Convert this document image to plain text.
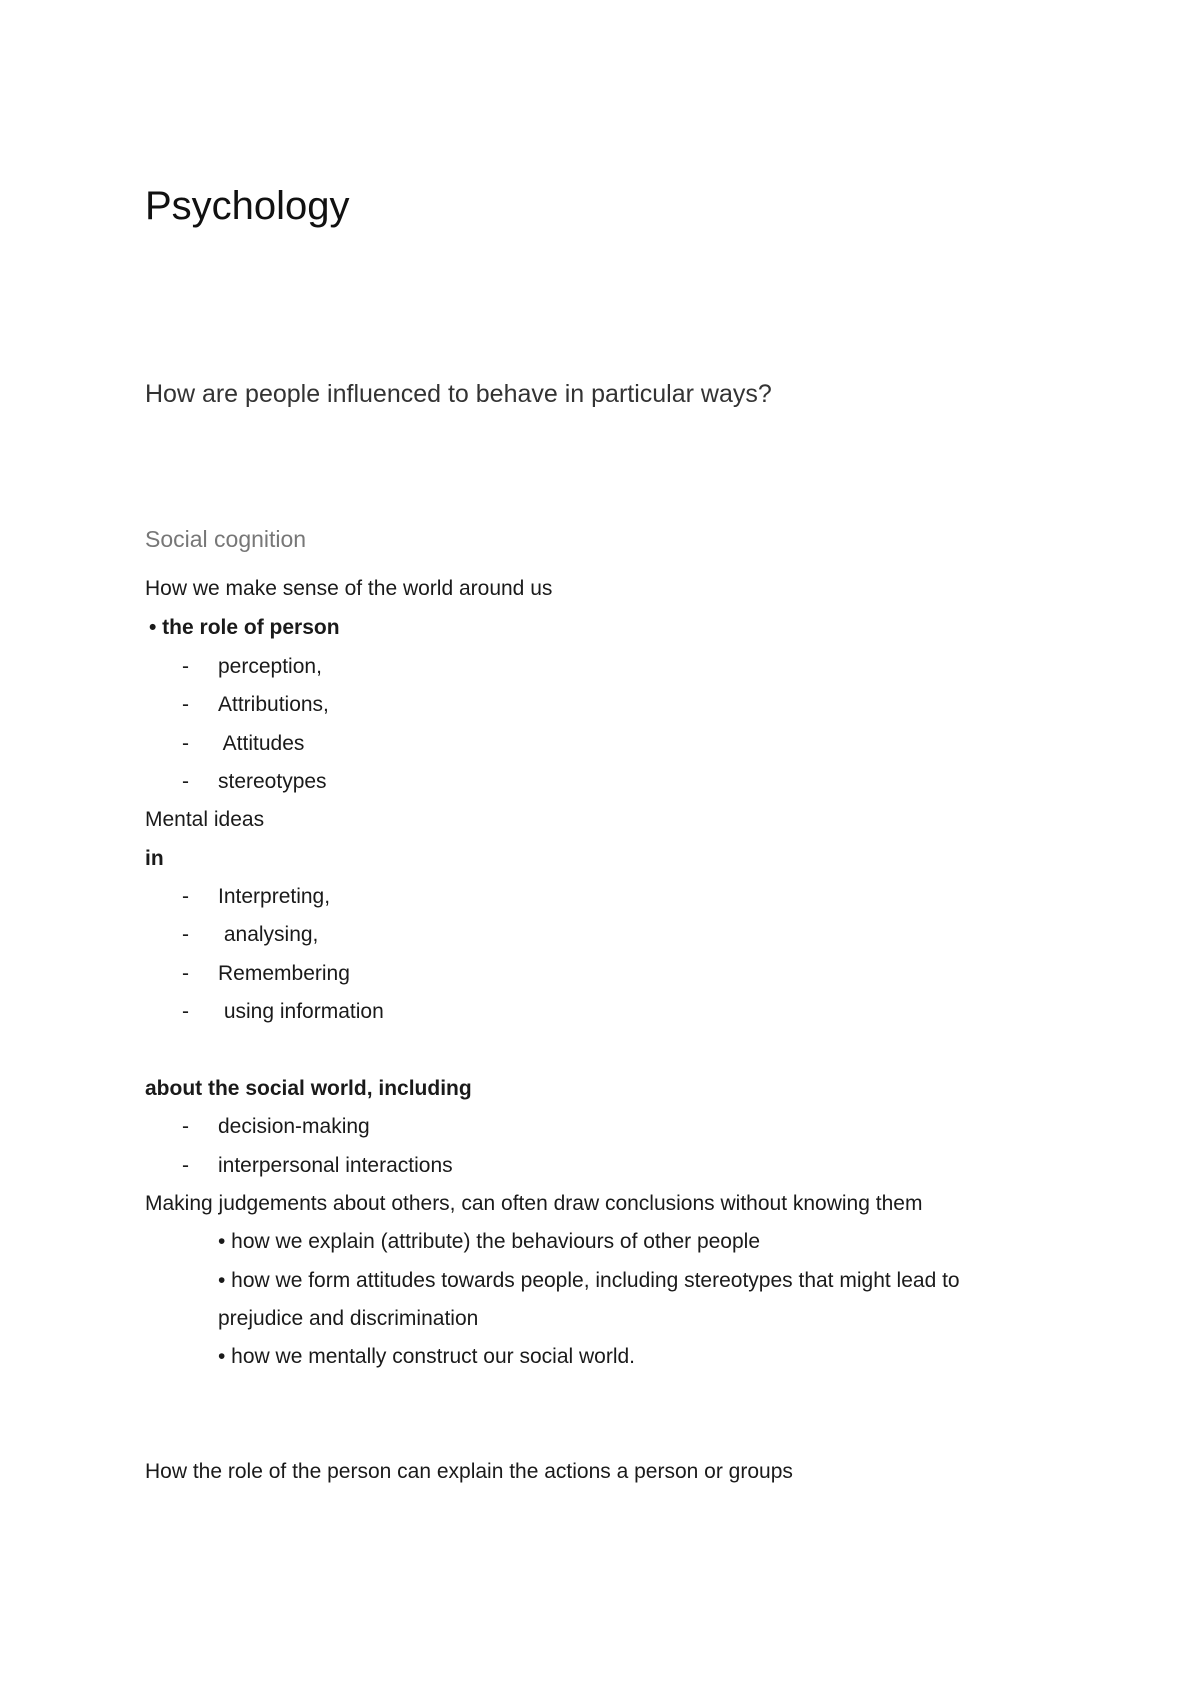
Psychology
How are people influenced to behave in particular ways?
Social cognition
How we make sense of the world around us
• the role of person
- perception,
- Attributions,
- Attitudes
- stereotypes
Mental ideas
in
- Interpreting,
- analysing,
- Remembering
- using information
about the social world, including
- decision-making
- interpersonal interactions
Making judgements about others, can often draw conclusions without knowing them
• how we explain (attribute) the behaviours of other people
• how we form attitudes towards people, including stereotypes that might lead to
prejudice and discrimination
• how we mentally construct our social world.
How the role of the person can explain the actions a person or groups
